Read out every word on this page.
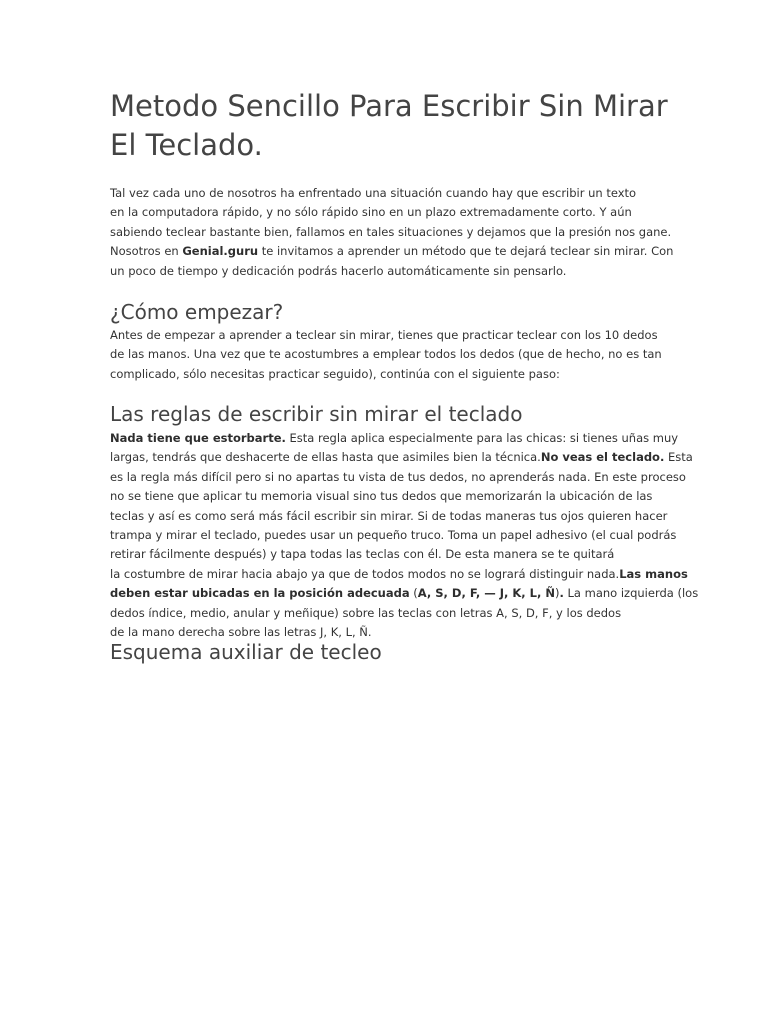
Metodo Sencillo Para Escribir Sin Mirar
El Teclado.
Tal vez cada uno de nosotros ha enfrentado una situación cuando hay que escribir un texto
en la computadora rápido, y no sólo rápido sino en un plazo extremadamente corto. Y aún
sabiendo teclear bastante bien, fallamos en tales situaciones y dejamos que la presión nos gane.
Nosotros en Genial.guru te invitamos a aprender un método que te dejará teclear sin mirar. Con
un poco de tiempo y dedicación podrás hacerlo automáticamente sin pensarlo.
¿Cómo empezar?
Antes de empezar a aprender a teclear sin mirar, tienes que practicar teclear con los 10 dedos
de las manos. Una vez que te acostumbres a emplear todos los dedos (que de hecho, no es tan
complicado, sólo necesitas practicar seguido), continúa con el siguiente paso:
Las reglas de escribir sin mirar el teclado
Nada tiene que estorbarte. Esta regla aplica especialmente para las chicas: si tienes uñas muy
largas, tendrás que deshacerte de ellas hasta que asimiles bien la técnica.No veas el teclado. Esta
es la regla más difícil pero si no apartas tu vista de tus dedos, no aprenderás nada. En este proceso
no se tiene que aplicar tu memoria visual sino tus dedos que memorizarán la ubicación de las
teclas y así es como será más fácil escribir sin mirar. Si de todas maneras tus ojos quieren hacer
trampa y mirar el teclado, puedes usar un pequeño truco. Toma un papel adhesivo (el cual podrás
retirar fácilmente después) y tapa todas las teclas con él. De esta manera se te quitará
la costumbre de mirar hacia abajo ya que de todos modos no se logrará distinguir nada.Las manos
deben estar ubicadas en la posición adecuada (A, S, D, F, — J, K, L, Ñ). La mano izquierda (los
dedos índice, medio, anular y meñique) sobre las teclas con letras A, S, D, F, y los dedos
de la mano derecha sobre las letras J, K, L, Ñ.
Esquema auxiliar de tecleo
